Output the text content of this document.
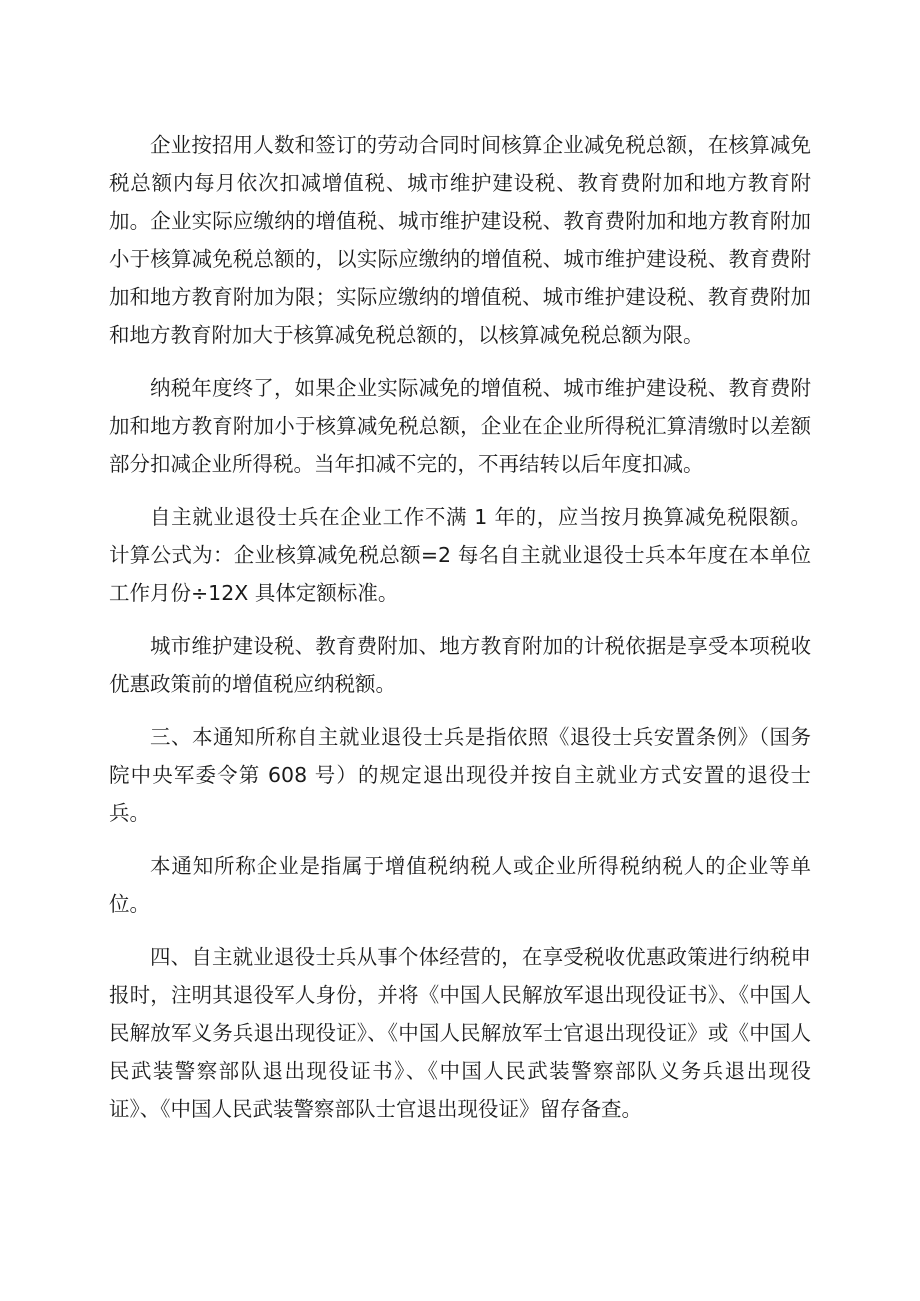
企业按招用人数和签订的劳动合同时间核算企业减免税总额，在核算减免税总额内每月依次扣减增值税、城市维护建设税、教育费附加和地方教育附加。企业实际应缴纳的增值税、城市维护建设税、教育费附加和地方教育附加小于核算减免税总额的，以实际应缴纳的增值税、城市维护建设税、教育费附加和地方教育附加为限；实际应缴纳的增值税、城市维护建设税、教育费附加和地方教育附加大于核算减免税总额的，以核算减免税总额为限。

纳税年度终了，如果企业实际减免的增值税、城市维护建设税、教育费附加和地方教育附加小于核算减免税总额，企业在企业所得税汇算清缴时以差额部分扣减企业所得税。当年扣减不完的，不再结转以后年度扣减。

自主就业退役士兵在企业工作不满 1 年的，应当按月换算减免税限额。计算公式为：企业核算减免税总额=2 每名自主就业退役士兵本年度在本单位工作月份÷12X 具体定额标准。

城市维护建设税、教育费附加、地方教育附加的计税依据是享受本项税收优惠政策前的增值税应纳税额。

三、本通知所称自主就业退役士兵是指依照《退役士兵安置条例》（国务院中央军委令第 608 号）的规定退出现役并按自主就业方式安置的退役士兵。

本通知所称企业是指属于增值税纳税人或企业所得税纳税人的企业等单位。

四、自主就业退役士兵从事个体经营的，在享受税收优惠政策进行纳税申报时，注明其退役军人身份，并将《中国人民解放军退出现役证书》、《中国人民解放军义务兵退出现役证》、《中国人民解放军士官退出现役证》或《中国人民武装警察部队退出现役证书》、《中国人民武装警察部队义务兵退出现役证》、《中国人民武装警察部队士官退出现役证》留存备查。
